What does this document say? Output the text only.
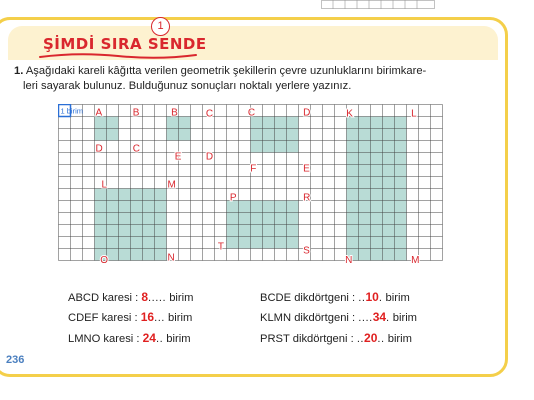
1
ŞİMDİ SIRA SENDE
1. Aşağıdaki kareli kâğıtta verilen geometrik şekillerin çevre uzunluklarını birimkare-
leri sayarak bulunuz. Bulduğunuz sonuçları noktalı yerlere yazınız.
A	B	B	C	C	D	K	L
D	C
E D
F	E
L	M
P	R
T	S
O	N	N	M
1 birim
ABCD karesi : 8..... birim	BCDE dikdörtgeni : ..10. birim
CDEF karesi : 16... birim	KLMN dikdörtgeni : ....34. birim
LMNO karesi : 24.. birim	PRST dikdörtgeni : ..20.. birim
236
